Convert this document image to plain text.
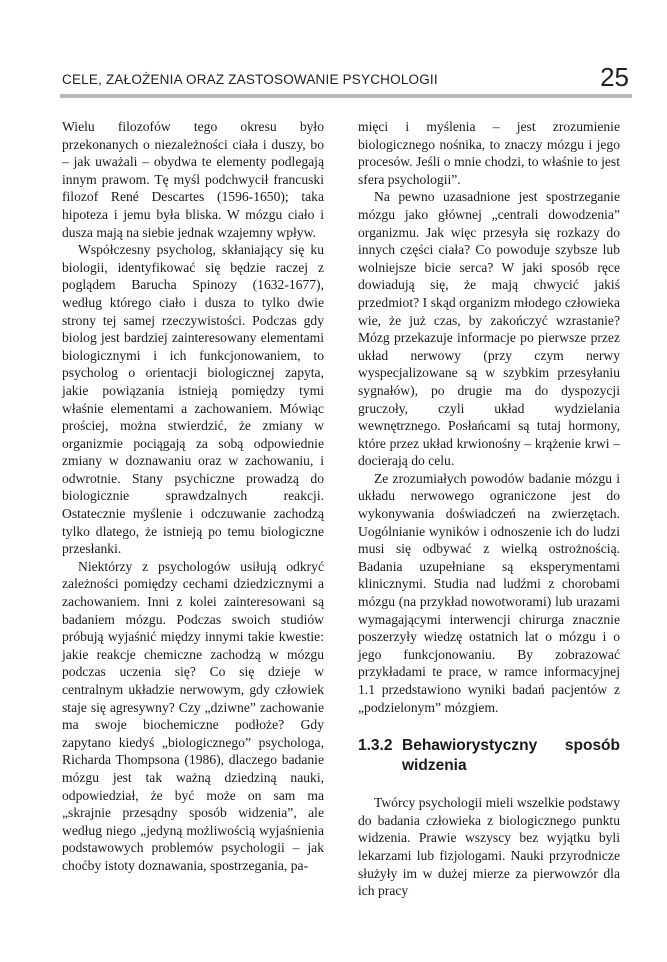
CELE, ZAŁOŻENIA ORAZ ZASTOSOWANIE PSYCHOLOGII	25

Wielu filozofów tego okresu było przekonanych o niezależności ciała i duszy, bo – jak uważali – obydwa te elementy podlegają innym prawom. Tę myśl podchwycił francuski filozof René Descartes (1596-1650); taka hipoteza i jemu była bliska. W mózgu ciało i dusza mają na siebie jednak wzajemny wpływ.

Współczesny psycholog, skłaniający się ku biologii, identyfikować się będzie raczej z poglądem Barucha Spinozy (1632-1677), według którego ciało i dusza to tylko dwie strony tej samej rzeczywistości. Podczas gdy biolog jest bardziej zainteresowany elementami biologicznymi i ich funkcjonowaniem, to psycholog o orientacji biologicznej zapyta, jakie powiązania istnieją pomiędzy tymi właśnie elementami a zachowaniem. Mówiąc prościej, można stwierdzić, że zmiany w organizmie pociągają za sobą odpowiednie zmiany w doznawaniu oraz w zachowaniu, i odwrotnie. Stany psychiczne prowadzą do biologicznie sprawdzalnych reakcji. Ostatecznie myślenie i odczuwanie zachodzą tylko dlatego, że istnieją po temu biologiczne przesłanki.

Niektórzy z psychologów usiłują odkryć zależności pomiędzy cechami dziedzicznymi a zachowaniem. Inni z kolei zainteresowani są badaniem mózgu. Podczas swoich studiów próbują wyjaśnić między innymi takie kwestie: jakie reakcje chemiczne zachodzą w mózgu podczas uczenia się? Co się dzieje w centralnym układzie nerwowym, gdy człowiek staje się agresywny? Czy „dziwne” zachowanie ma swoje biochemiczne podłoże? Gdy zapytano kiedyś „biologicznego” psychologa, Richarda Thompsona (1986), dlaczego badanie mózgu jest tak ważną dziedziną nauki, odpowiedział, że być może on sam ma „skrajnie przesądny sposób widzenia”, ale według niego „jedyną możliwością wyjaśnienia podstawowych problemów psychologii – jak choćby istoty doznawania, spostrzegania, pa-

mięci i myślenia – jest zrozumienie biologicznego nośnika, to znaczy mózgu i jego procesów. Jeśli o mnie chodzi, to właśnie to jest sfera psychologii”.

Na pewno uzasadnione jest spostrzeganie mózgu jako głównej „centrali dowodzenia” organizmu. Jak więc przesyła się rozkazy do innych części ciała? Co powoduje szybsze lub wolniejsze bicie serca? W jaki sposób ręce dowiadują się, że mają chwycić jakiś przedmiot? I skąd organizm młodego człowieka wie, że już czas, by zakończyć wzrastanie? Mózg przekazuje informacje po pierwsze przez układ nerwowy (przy czym nerwy wyspecjalizowane są w szybkim przesyłaniu sygnałów), po drugie ma do dyspozycji gruczoły, czyli układ wydzielania wewnętrznego. Posłańcami są tutaj hormony, które przez układ krwionośny – krążenie krwi – docierają do celu.

Ze zrozumiałych powodów badanie mózgu i układu nerwowego ograniczone jest do wykonywania doświadczeń na zwierzętach. Uogólnianie wyników i odnoszenie ich do ludzi musi się odbywać z wielką ostrożnością. Badania uzupełniane są eksperymentami klinicznymi. Studia nad ludźmi z chorobami mózgu (na przykład nowotworami) lub urazami wymagającymi interwencji chirurga znacznie poszerzyły wiedzę ostatnich lat o mózgu i o jego funkcjonowaniu. By zobrazować przykładami te prace, w ramce informacyjnej 1.1 przedstawiono wyniki badań pacjentów z „podzielonym” mózgiem.

1.3.2 Behawiorystyczny sposób widzenia

Twórcy psychologii mieli wszelkie podstawy do badania człowieka z biologicznego punktu widzenia. Prawie wszyscy bez wyjątku byli lekarzami lub fizjologami. Nauki przyrodnicze służyły im w dużej mierze za pierwowzór dla ich pracy
